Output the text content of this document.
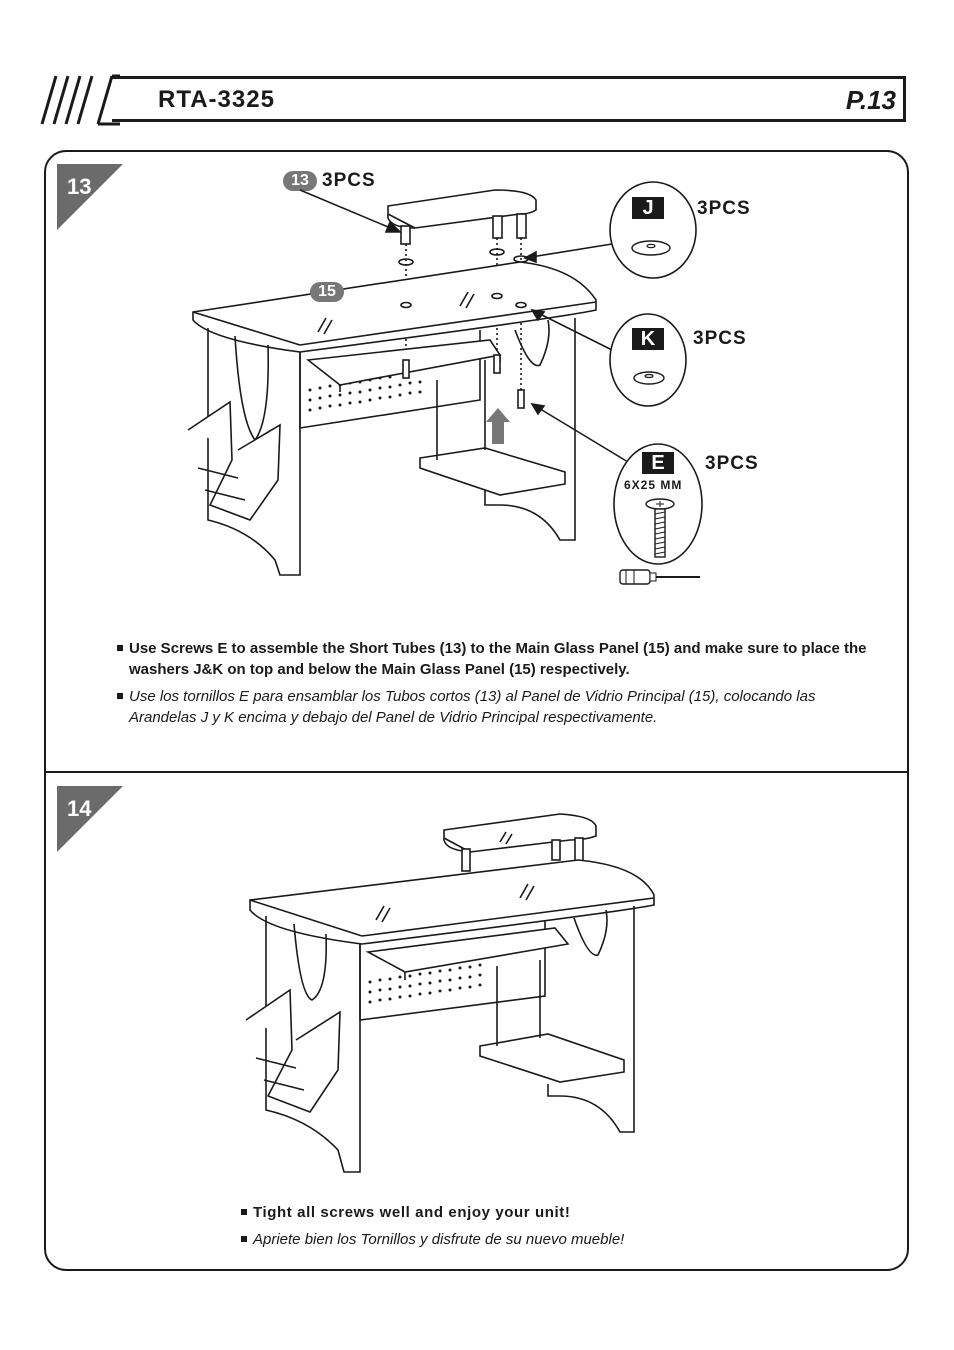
RTA-3325	P.13
13	13 3PCS
15
J	3PCS
K	3PCS
E	3PCS
6X25 MM

Use Screws E to assemble the Short Tubes (13) to the Main Glass Panel (15) and make sure to place the washers J&K on top and below the Main Glass Panel (15) respectively.

Use los tornillos E para ensamblar los Tubos cortos (13) al Panel de Vidrio Principal (15), colocando las Arandelas J y K encima y debajo del Panel de Vidrio Principal respectivamente.

14

Tight all screws well and enjoy your unit!

Apriete bien los Tornillos y disfrute de su nuevo mueble!
